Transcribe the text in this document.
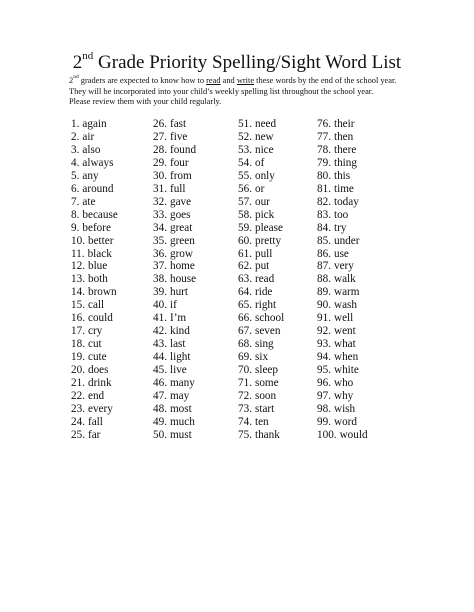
2nd Grade Priority Spelling/Sight Word List
2nd graders are expected to know how to read and write these words by the end of the school year.
They will be incorporated into your child’s weekly spelling list throughout the school year.
Please review them with your child regularly.
1. again
2. air
3. also
4. always
5. any
6. around
7. ate
8. because
9. before
10. better
11. black
12. blue
13. both
14. brown
15. call
16. could
17. cry
18. cut
19. cute
20. does
21. drink
22. end
23. every
24. fall
25. far
26. fast
27. five
28. found
29. four
30. from
31. full
32. gave
33. goes
34. great
35. green
36. grow
37. home
38. house
39. hurt
40. if
41. I’m
42. kind
43. last
44. light
45. live
46. many
47. may
48. most
49. much
50. must
51. need
52. new
53. nice
54. of
55. only
56. or
57. our
58. pick
59. please
60. pretty
61. pull
62. put
63. read
64. ride
65. right
66. school
67. seven
68. sing
69. six
70. sleep
71. some
72. soon
73. start
74. ten
75. thank
76. their
77. then
78. there
79. thing
80. this
81. time
82. today
83. too
84. try
85. under
86. use
87. very
88. walk
89. warm
90. wash
91. well
92. went
93. what
94. when
95. white
96. who
97. why
98. wish
99. word
100. would
